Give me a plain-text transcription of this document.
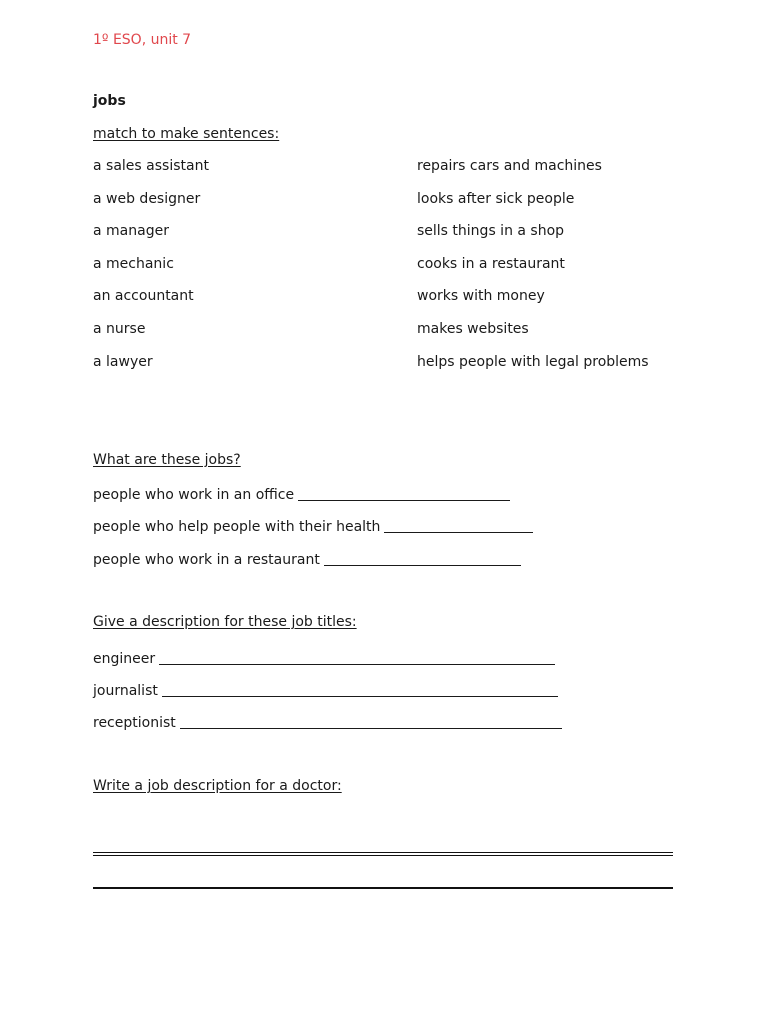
1º ESO, unit 7
jobs
match to make sentences:
a sales assistant	repairs cars and machines
a web designer	looks after sick people
a manager	sells things in a shop
a mechanic	cooks in a restaurant
an accountant	works with money
a nurse	makes websites
a lawyer	helps people with legal problems
What are these jobs?
people who work in an office
people who help people with their health
people who work in a restaurant
Give a description for these job titles:
engineer
journalist
receptionist
Write a job description for a doctor:
